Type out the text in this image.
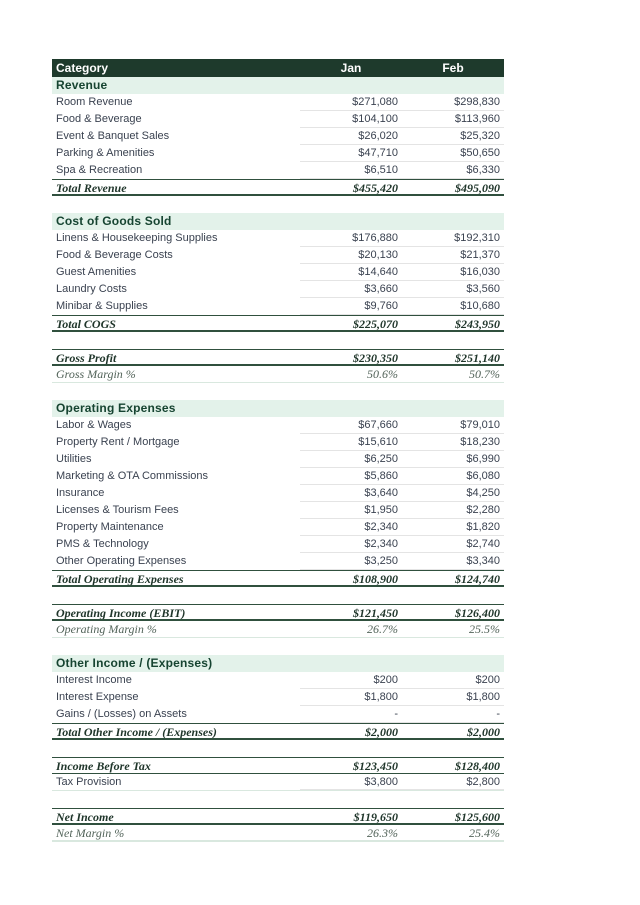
Category	Jan	Feb
Revenue
Room Revenue	$271,080	$298,830
Food & Beverage	$104,100	$113,960
Event & Banquet Sales	$26,020	$25,320
Parking & Amenities	$47,710	$50,650
Spa & Recreation	$6,510	$6,330
Total Revenue	$455,420	$495,090
Cost of Goods Sold
Linens & Housekeeping Supplies	$176,880	$192,310
Food & Beverage Costs	$20,130	$21,370
Guest Amenities	$14,640	$16,030
Laundry Costs	$3,660	$3,560
Minibar & Supplies	$9,760	$10,680
Total COGS	$225,070	$243,950
Gross Profit	$230,350	$251,140
Gross Margin %	50.6%	50.7%
Operating Expenses
Labor & Wages	$67,660	$79,010
Property Rent / Mortgage	$15,610	$18,230
Utilities	$6,250	$6,990
Marketing & OTA Commissions	$5,860	$6,080
Insurance	$3,640	$4,250
Licenses & Tourism Fees	$1,950	$2,280
Property Maintenance	$2,340	$1,820
PMS & Technology	$2,340	$2,740
Other Operating Expenses	$3,250	$3,340
Total Operating Expenses	$108,900	$124,740
Operating Income (EBIT)	$121,450	$126,400
Operating Margin %	26.7%	25.5%
Other Income / (Expenses)
Interest Income	$200	$200
Interest Expense	$1,800	$1,800
Gains / (Losses) on Assets	-	-
Total Other Income / (Expenses)	$2,000	$2,000
Income Before Tax	$123,450	$128,400
Tax Provision	$3,800	$2,800
Net Income	$119,650	$125,600
Net Margin %	26.3%	25.4%
